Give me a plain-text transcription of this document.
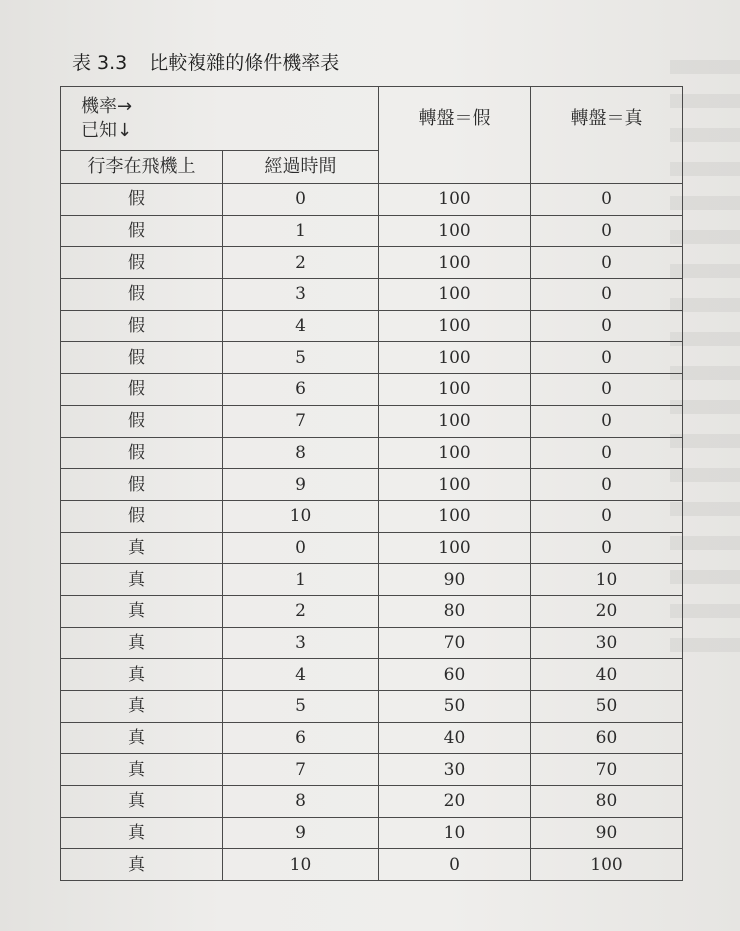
表 3.3 比較複雜的條件機率表
機率→
已知↓		轉盤＝假	轉盤＝真
行李在飛機上	經過時間		
假	0	100	0
假	1	100	0
假	2	100	0
假	3	100	0
假	4	100	0
假	5	100	0
假	6	100	0
假	7	100	0
假	8	100	0
假	9	100	0
假	10	100	0
真	0	100	0
真	1	90	10
真	2	80	20
真	3	70	30
真	4	60	40
真	5	50	50
真	6	40	60
真	7	30	70
真	8	20	80
真	9	10	90
真	10	0	100
